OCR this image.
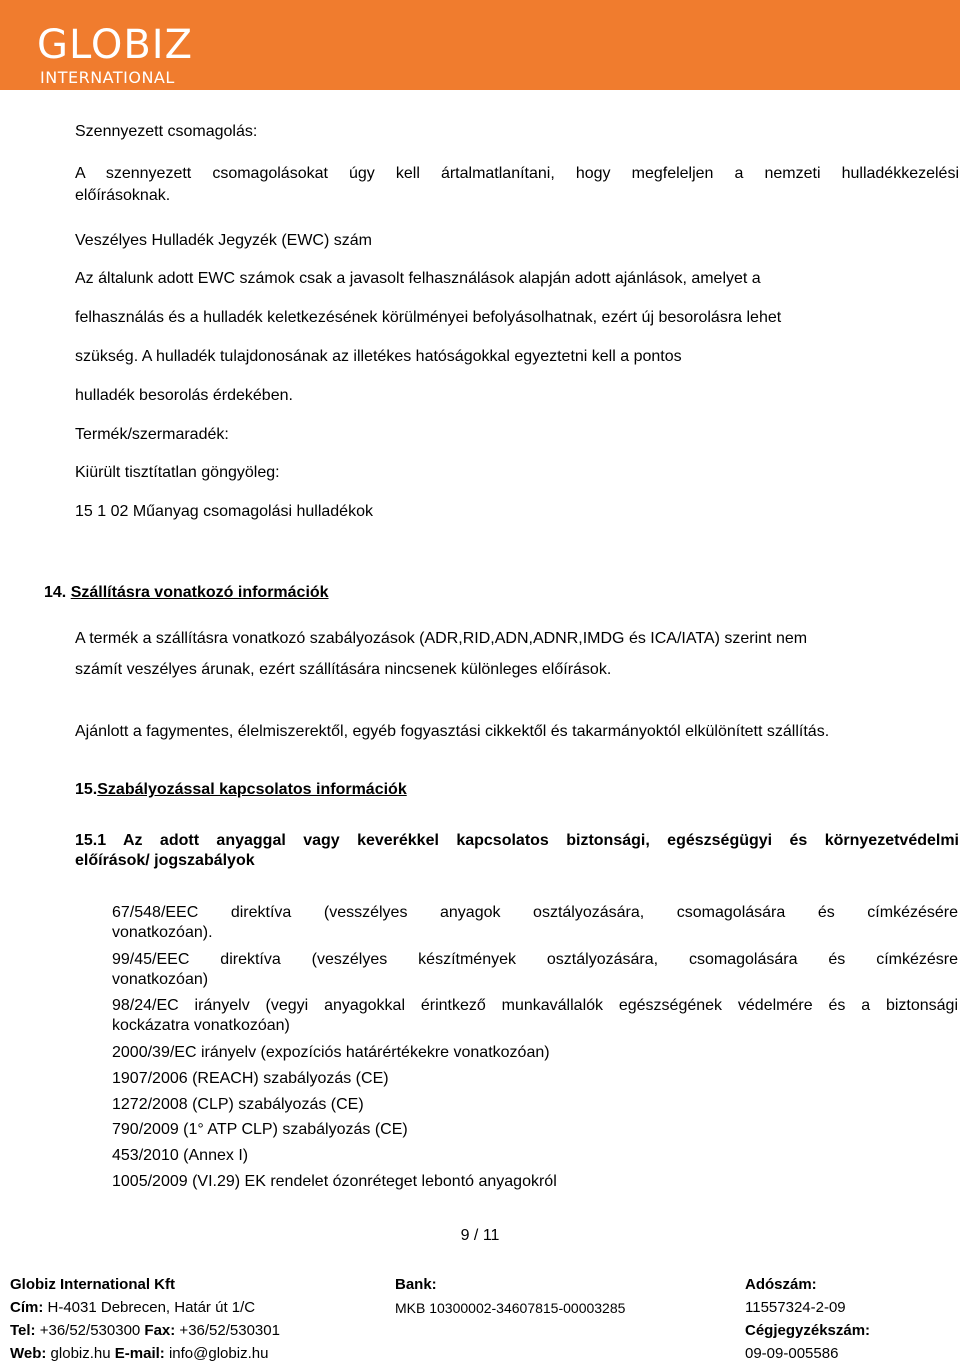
GLOBIZ
INTERNATIONAL

Szennyezett csomagolás:

A szennyezett csomagolásokat úgy kell ártalmatlanítani, hogy megfeleljen a nemzeti hulladékkezelési

előírásoknak.

Veszélyes Hulladék Jegyzék (EWC) szám

Az általunk adott EWC számok csak a javasolt felhasználások alapján adott ajánlások, amelyet a

felhasználás és a hulladék keletkezésének körülményei befolyásolhatnak, ezért új besorolásra lehet

szükség. A hulladék tulajdonosának az illetékes hatóságokkal egyeztetni kell a pontos

hulladék besorolás érdekében.

Termék/szermaradék:

Kiürült tisztítatlan göngyöleg:

15 1 02 Műanyag csomagolási hulladékok

14. Szállításra vonatkozó információk

A termék a szállításra vonatkozó szabályozások (ADR,RID,ADN,ADNR,IMDG és ICA/IATA) szerint nem

számít veszélyes árunak, ezért szállítására nincsenek különleges előírások.

Ajánlott a fagymentes, élelmiszerektől, egyéb fogyasztási cikkektől és takarmányoktól elkülönített szállítás.

15.Szabályozással kapcsolatos információk

15.1 Az adott anyaggal vagy keverékkel kapcsolatos biztonsági, egészségügyi és környezetvédelmi

előírások/ jogszabályok

67/548/EEC direktíva (vesszélyes anyagok osztályozására, csomagolására és címkézésére
vonatkozóan).
99/45/EEC direktíva (veszélyes készítmények osztályozására, csomagolására és címkézésre
vonatkozóan)
98/24/EC irányelv (vegyi anyagokkal érintkező munkavállalók egészségének védelmére és a biztonsági
kockázatra vonatkozóan)
2000/39/EC irányelv (expozíciós határértékekre vonatkozóan)
1907/2006 (REACH) szabályozás (CE)
1272/2008 (CLP) szabályozás (CE)
790/2009 (1° ATP CLP) szabályozás (CE)
453/2010 (Annex I)
1005/2009 (VI.29) EK rendelet ózonréteget lebontó anyagokról
9 / 11
Globiz International Kft
Cím: H-4031 Debrecen, Határ út 1/C
Tel: +36/52/530300 Fax: +36/52/530301
Web: globiz.hu E-mail: info@globiz.hu
Bank:
MKB 10300002-34607815-00003285
Adószám:
11557324-2-09
Cégjegyzékszám:
09-09-005586
